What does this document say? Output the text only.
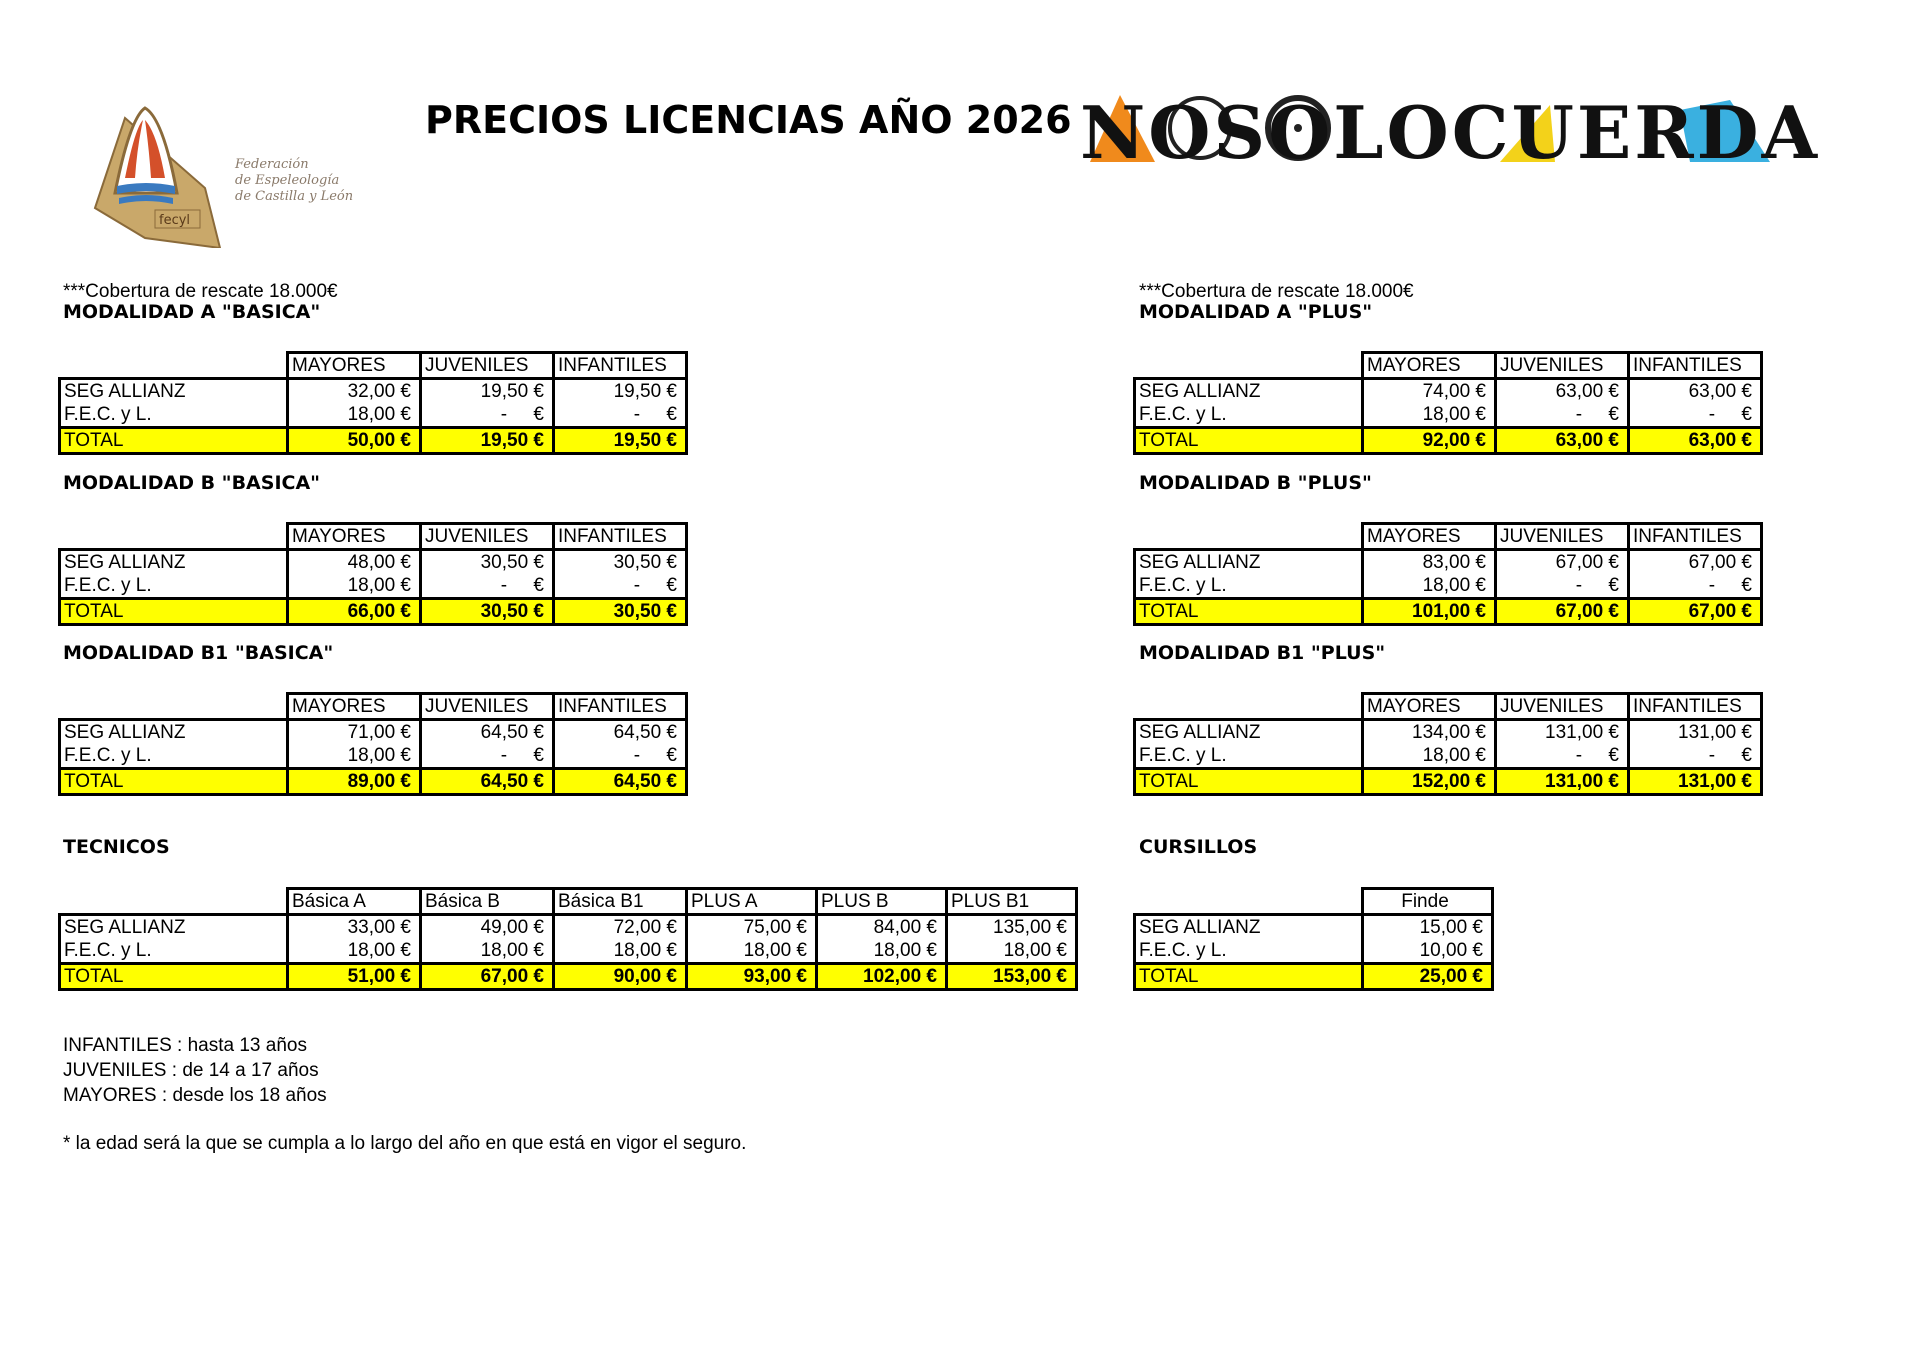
fecyl
Federación
de Espeleología
de Castilla y León
NOSOLOCUERDA
PRECIOS LICENCIAS AÑO 2026
***Cobertura de rescate 18.000€	***Cobertura de rescate 18.000€
MODALIDAD A "BASICA"	MODALIDAD A "PLUS"
MODALIDAD B "BASICA"	MODALIDAD B "PLUS"
MODALIDAD B1 "BASICA"	MODALIDAD B1 "PLUS"
TECNICOS	CURSILLOS
	MAYORES	JUVENILES	INFANTILES
SEG ALLIANZ	32,00 €	19,50 €	19,50 €
F.E.C. y L.	18,00 €	-     €	-     €
TOTAL	50,00 €	19,50 €	19,50 €
	MAYORES	JUVENILES	INFANTILES
SEG ALLIANZ	74,00 €	63,00 €	63,00 €
F.E.C. y L.	18,00 €	-     €	-     €
TOTAL	92,00 €	63,00 €	63,00 €
	MAYORES	JUVENILES	INFANTILES
SEG ALLIANZ	48,00 €	30,50 €	30,50 €
F.E.C. y L.	18,00 €	-     €	-     €
TOTAL	66,00 €	30,50 €	30,50 €
	MAYORES	JUVENILES	INFANTILES
SEG ALLIANZ	83,00 €	67,00 €	67,00 €
F.E.C. y L.	18,00 €	-     €	-     €
TOTAL	101,00 €	67,00 €	67,00 €
	MAYORES	JUVENILES	INFANTILES
SEG ALLIANZ	71,00 €	64,50 €	64,50 €
F.E.C. y L.	18,00 €	-     €	-     €
TOTAL	89,00 €	64,50 €	64,50 €
	MAYORES	JUVENILES	INFANTILES
SEG ALLIANZ	134,00 €	131,00 €	131,00 €
F.E.C. y L.	18,00 €	-     €	-     €
TOTAL	152,00 €	131,00 €	131,00 €
	Básica A	Básica B	Básica B1	PLUS A	PLUS B	PLUS B1
SEG ALLIANZ	33,00 €	49,00 €	72,00 €	75,00 €	84,00 €	135,00 €
F.E.C. y L.	18,00 €	18,00 €	18,00 €	18,00 €	18,00 €	18,00 €
TOTAL	51,00 €	67,00 €	90,00 €	93,00 €	102,00 €	153,00 €
	Finde
SEG ALLIANZ	15,00 €
F.E.C. y L.	10,00 €
TOTAL	25,00 €
INFANTILES : hasta 13 años
JUVENILES : de 14 a 17 años
MAYORES : desde los 18 años
* la edad será la que se cumpla a lo largo del año en que está en vigor el seguro.
